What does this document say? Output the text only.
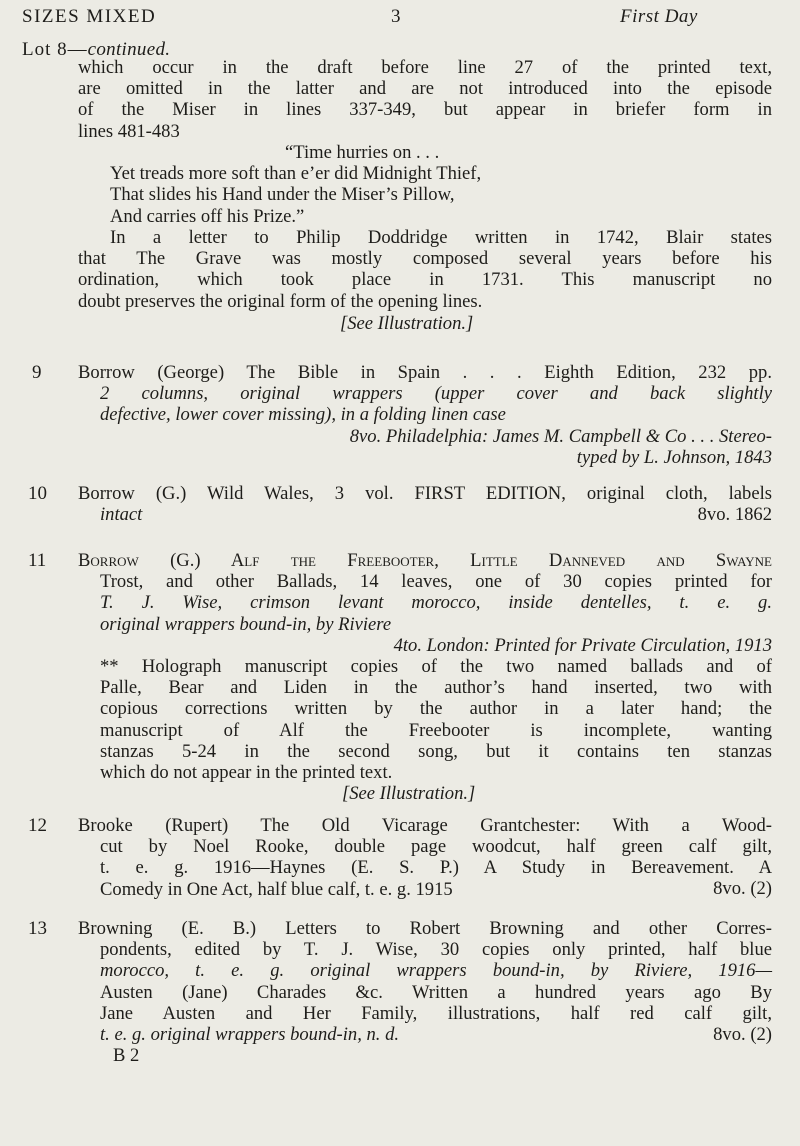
SIZES MIXED	3	First Day
Lot 8—continued.
which occur in the draft before line 27 of the printed text,
are omitted in the latter and are not introduced into the episode
of the Miser in lines 337-349, but appear in briefer form in
lines 481-483
“Time hurries on . . .
Yet treads more soft than e’er did Midnight Thief,
That slides his Hand under the Miser’s Pillow,
And carries off his Prize.”
In a letter to Philip Doddridge written in 1742, Blair states
that The Grave was mostly composed several years before his
ordination, which took place in 1731. This manuscript no
doubt preserves the original form of the opening lines.
[See Illustration.]
9 Borrow (George) The Bible in Spain . . . Eighth Edition, 232 pp.
2 columns, original wrappers (upper cover and back slightly
defective, lower cover missing), in a folding linen case
8vo. Philadelphia: James M. Campbell & Co . . . Stereo-
typed by L. Johnson, 1843
10 Borrow (G.) Wild Wales, 3 vol. FIRST EDITION, original cloth, labels
intact	8vo. 1862
11 Borrow (G.) Alf the Freebooter, Little Danneved and Swayne
Trost, and other Ballads, 14 leaves, one of 30 copies printed for
T. J. Wise, crimson levant morocco, inside dentelles, t. e. g.
original wrappers bound-in, by Riviere
4to. London: Printed for Private Circulation, 1913
** Holograph manuscript copies of the two named ballads and of
Palle, Bear and Liden in the author’s hand inserted, two with
copious corrections written by the author in a later hand; the
manuscript of Alf the Freebooter is incomplete, wanting
stanzas 5-24 in the second song, but it contains ten stanzas
which do not appear in the printed text.
[See Illustration.]
12 Brooke (Rupert) The Old Vicarage Grantchester: With a Wood-
cut by Noel Rooke, double page woodcut, half green calf gilt,
t. e. g. 1916—Haynes (E. S. P.) A Study in Bereavement. A
Comedy in One Act, half blue calf, t. e. g. 1915	8vo. (2)
13 Browning (E. B.) Letters to Robert Browning and other Corres-
pondents, edited by T. J. Wise, 30 copies only printed, half blue
morocco, t. e. g. original wrappers bound-in, by Riviere, 1916—
Austen (Jane) Charades &c. Written a hundred years ago By
Jane Austen and Her Family, illustrations, half red calf gilt,
t. e. g. original wrappers bound-in, n. d.	8vo. (2)
B 2
